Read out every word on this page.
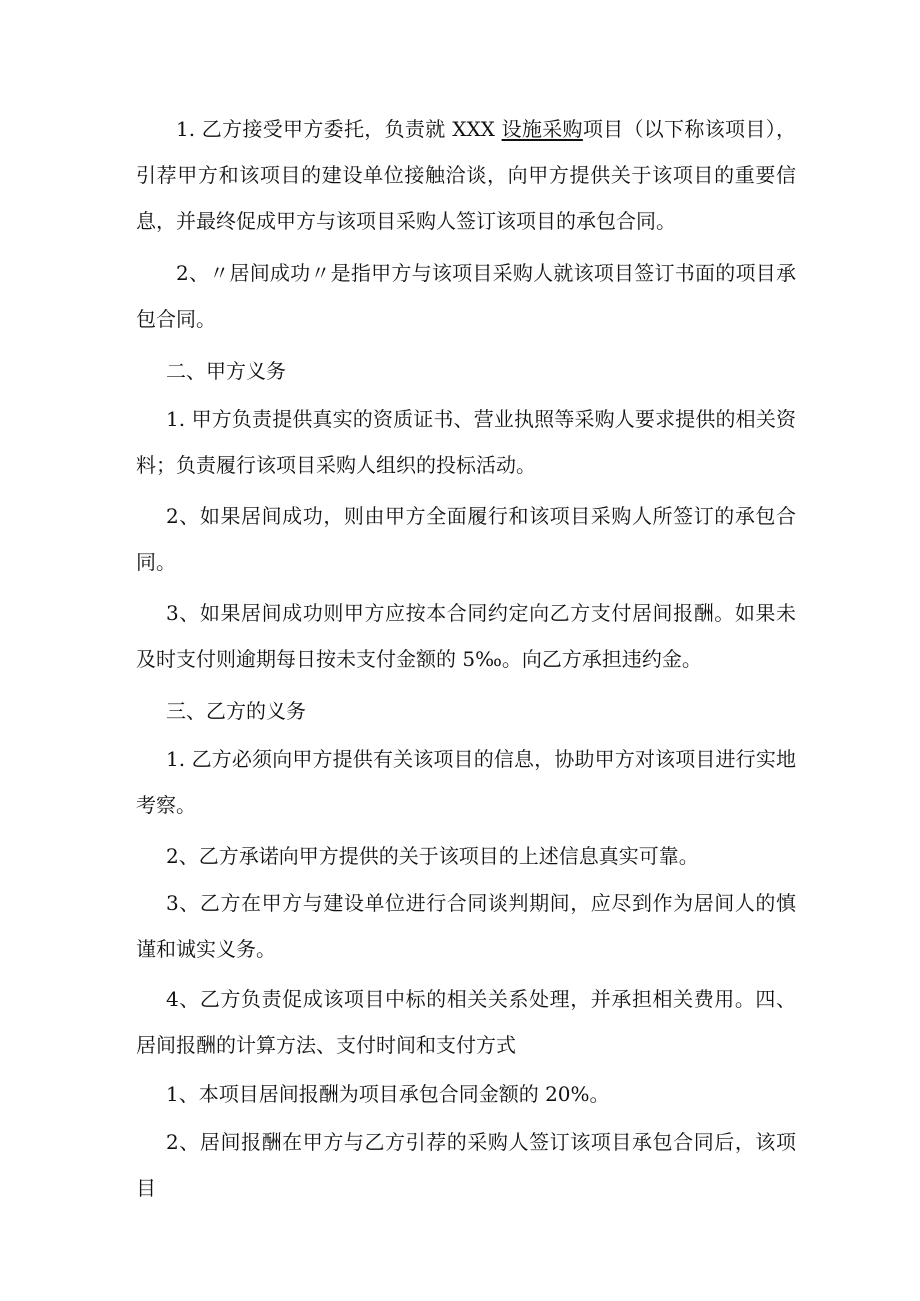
1. 乙方接受甲方委托，负责就 XXX 设施采购项目（以下称该项目），引荐甲方和该项目的建设单位接触洽谈，向甲方提供关于该项目的重要信息，并最终促成甲方与该项目采购人签订该项目的承包合同。

2、〃居间成功〃是指甲方与该项目采购人就该项目签订书面的项目承包合同。

二、甲方义务

1. 甲方负责提供真实的资质证书、营业执照等采购人要求提供的相关资料；负责履行该项目采购人组织的投标活动。

2、如果居间成功，则由甲方全面履行和该项目采购人所签订的承包合同。

3、如果居间成功则甲方应按本合同约定向乙方支付居间报酬。如果未及时支付则逾期每日按未支付金额的 5‰。向乙方承担违约金。

三、乙方的义务

1. 乙方必须向甲方提供有关该项目的信息，协助甲方对该项目进行实地考察。

2、乙方承诺向甲方提供的关于该项目的上述信息真实可靠。

3、乙方在甲方与建设单位进行合同谈判期间，应尽到作为居间人的慎谨和诚实义务。

4、乙方负责促成该项目中标的相关关系处理，并承担相关费用。四、居间报酬的计算方法、支付时间和支付方式

1、本项目居间报酬为项目承包合同金额的 20%。

2、居间报酬在甲方与乙方引荐的采购人签订该项目承包合同后，该项目
